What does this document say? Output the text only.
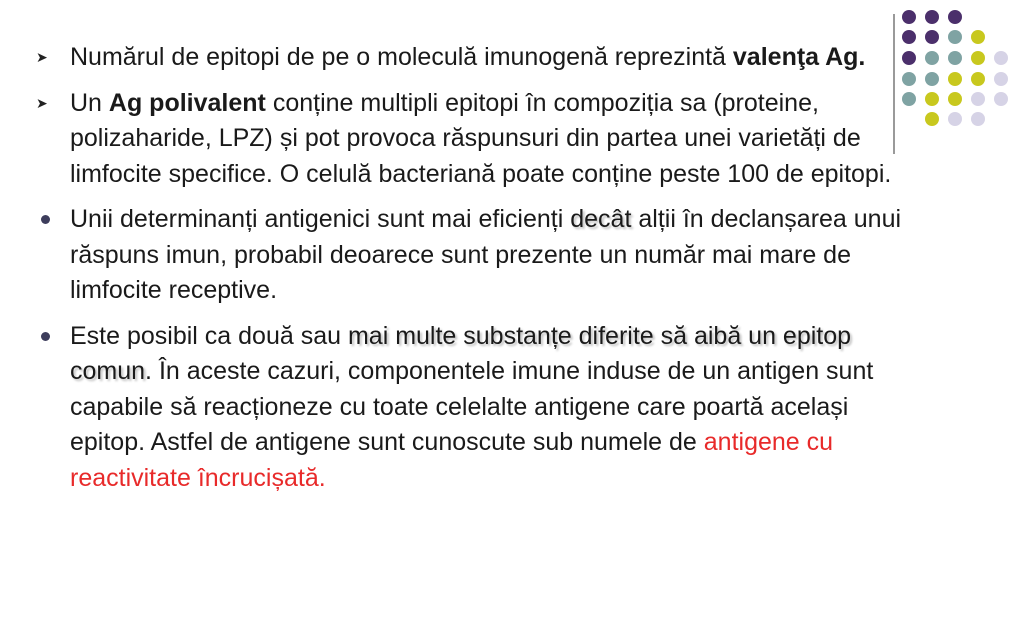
➤ Numărul de epitopi de pe o moleculă imunogenă reprezintă valenţa Ag.
➤ Un Ag polivalent conține multipli epitopi în compoziția sa (proteine, polizaharide, LPZ) și pot provoca răspunsuri din partea unei varietăți de limfocite specifice. O celulă bacteriană poate conține peste 100 de epitopi.
Unii determinanți antigenici sunt mai eficienți decât alții în declanșarea unui răspuns imun, probabil deoarece sunt prezente un număr mai mare de limfocite receptive.
Este posibil ca două sau mai multe substanțe diferite să aibă un epitop comun. În aceste cazuri, componentele imune induse de un antigen sunt capabile să reacționeze cu toate celelalte antigene care poartă același epitop. Astfel de antigene sunt cunoscute sub numele de antigene cu reactivitate încrucișată.
